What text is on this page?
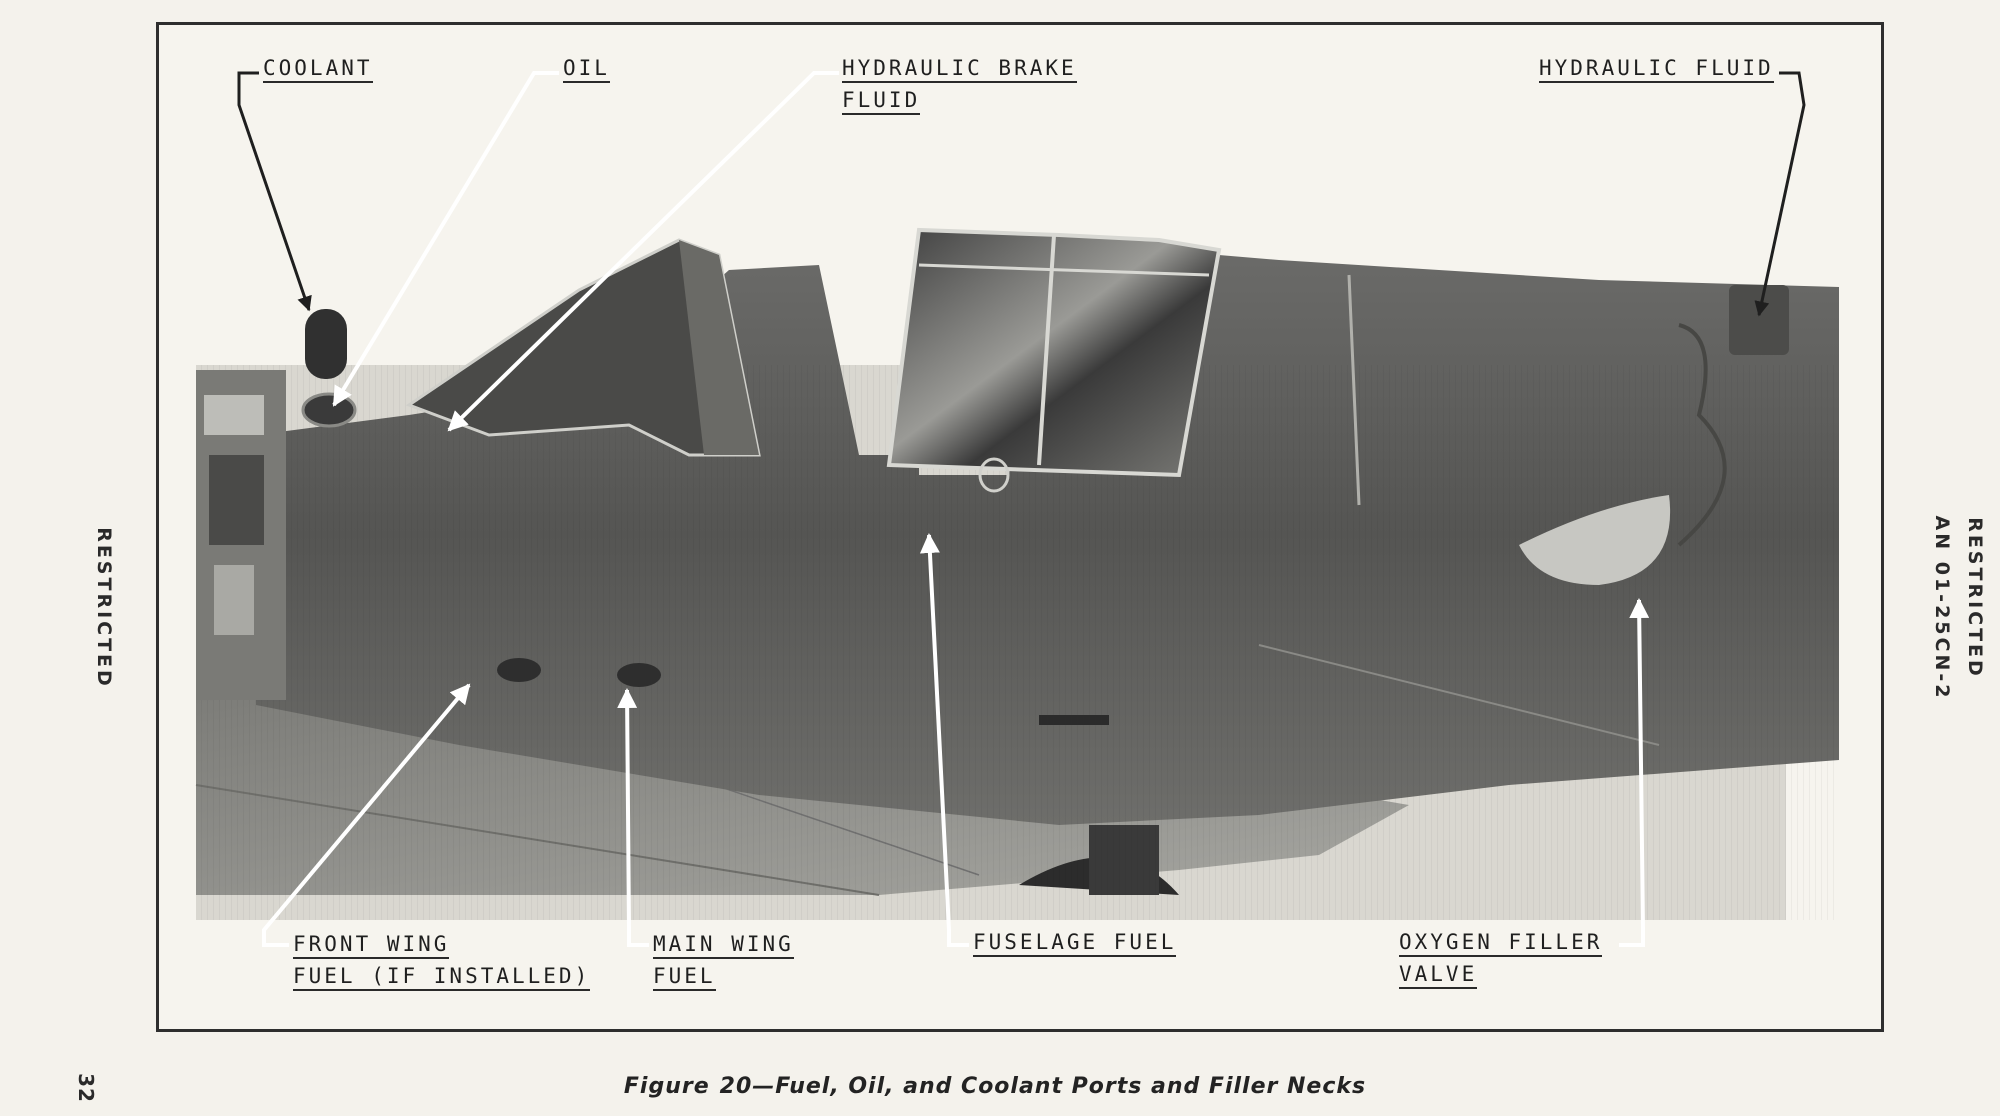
RESTRICTED	RESTRICTED
AN 01-25CN-2
32
COOLANT	OIL	HYDRAULIC BRAKE
FLUID
HYDRAULIC FLUID
FRONT WING
FUEL (IF INSTALLED)
MAIN WING
FUEL
FUSELAGE FUEL	OXYGEN FILLER
VALVE
Figure 20—Fuel, Oil, and Coolant Ports and Filler Necks
